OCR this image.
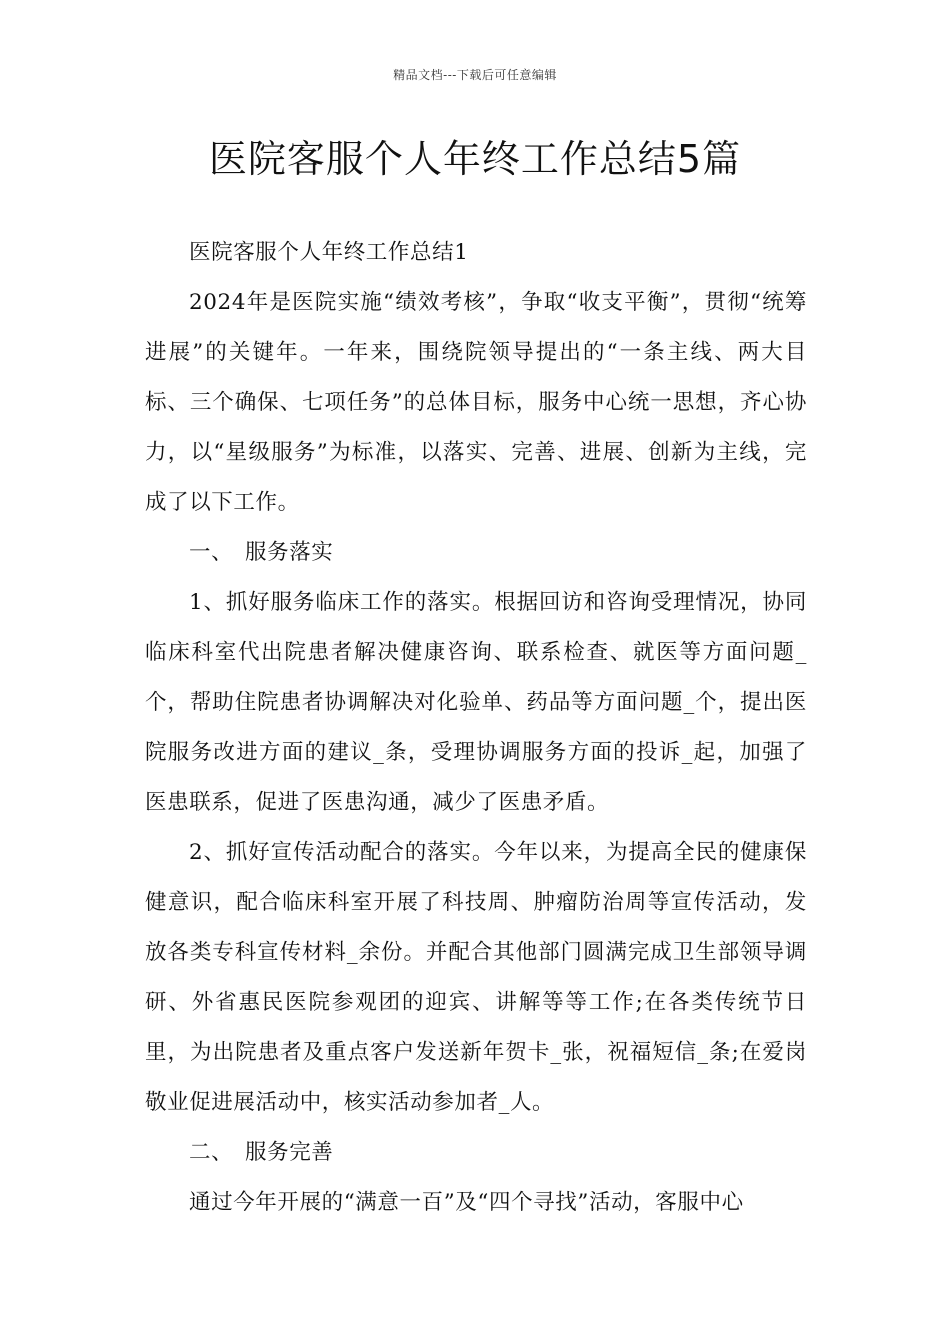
精品文档---下载后可任意编辑
医院客服个人年终工作总结5篇

医院客服个人年终工作总结1

2024年是医院实施“绩效考核”，争取“收支平衡”，贯彻“统筹进展”的关键年。一年来，围绕院领导提出的“一条主线、两大目标、三个确保、七项任务”的总体目标，服务中心统一思想，齐心协力，以“星级服务”为标准，以落实、完善、进展、创新为主线，完成了以下工作。

一、 服务落实

1、抓好服务临床工作的落实。根据回访和咨询受理情况，协同临床科室代出院患者解决健康咨询、联系检查、就医等方面问题_个，帮助住院患者协调解决对化验单、药品等方面问题_个，提出医院服务改进方面的建议_条，受理协调服务方面的投诉_起，加强了医患联系，促进了医患沟通，减少了医患矛盾。

2、抓好宣传活动配合的落实。今年以来，为提高全民的健康保健意识，配合临床科室开展了科技周、肿瘤防治周等宣传活动，发放各类专科宣传材料_余份。并配合其他部门圆满完成卫生部领导调研、外省惠民医院参观团的迎宾、讲解等等工作;在各类传统节日里，为出院患者及重点客户发送新年贺卡_张，祝福短信_条;在爱岗敬业促进展活动中，核实活动参加者_人。

二、 服务完善

通过今年开展的“满意一百”及“四个寻找”活动，客服中心
